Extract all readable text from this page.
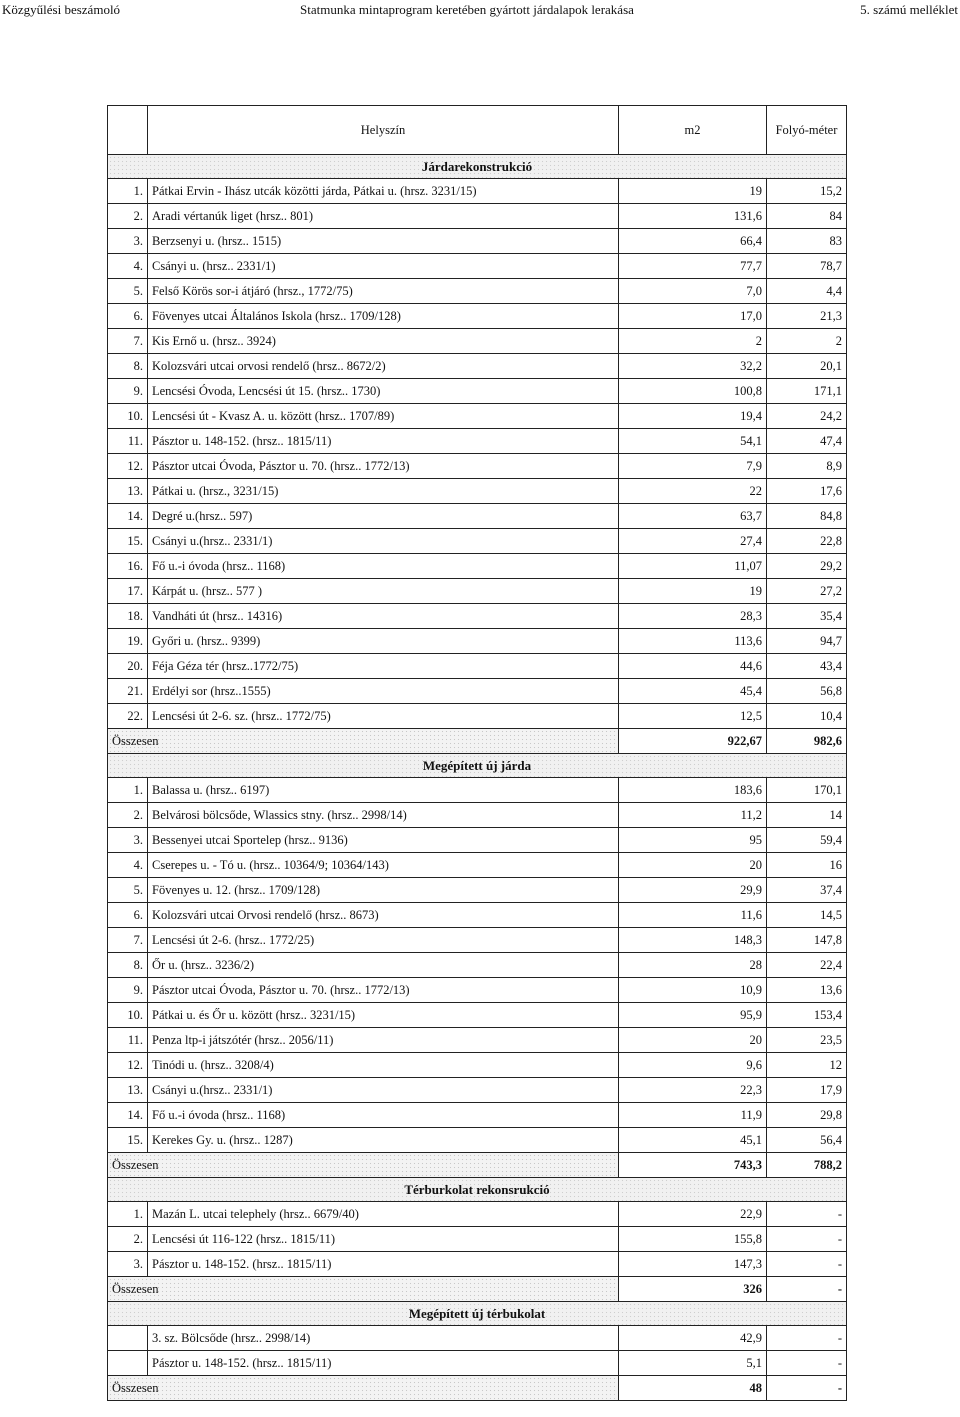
Közgyűlési beszámoló	Statmunka mintaprogram keretében gyártott járdalapok lerakása	5. számú melléklet
	Helyszín	m2	Folyó-méter
Járdarekonstrukció			
1.	Pátkai Ervin - Ihász utcák közötti járda, Pátkai u. (hrsz. 3231/15)	19	15,2
2.	Aradi vértanúk liget (hrsz.. 801)	131,6	84
3.	Berzsenyi u. (hrsz.. 1515)	66,4	83
4.	Csányi u. (hrsz.. 2331/1)	77,7	78,7
5.	Felső Körös sor-i átjáró (hrsz., 1772/75)	7,0	4,4
6.	Fövenyes utcai Általános Iskola (hrsz.. 1709/128)	17,0	21,3
7.	Kis Ernő u. (hrsz.. 3924)	2	2
8.	Kolozsvári utcai orvosi rendelő (hrsz.. 8672/2)	32,2	20,1
9.	Lencsési Óvoda, Lencsési út 15. (hrsz.. 1730)	100,8	171,1
10.	Lencsési út - Kvasz A. u. között (hrsz.. 1707/89)	19,4	24,2
11.	Pásztor u. 148-152. (hrsz.. 1815/11)	54,1	47,4
12.	Pásztor utcai Óvoda, Pásztor u. 70. (hrsz.. 1772/13)	7,9	8,9
13.	Pátkai u. (hrsz., 3231/15)	22	17,6
14.	Degré u.(hrsz.. 597)	63,7	84,8
15.	Csányi u.(hrsz.. 2331/1)	27,4	22,8
16.	Fő u.-i óvoda (hrsz.. 1168)	11,07	29,2
17.	Kárpát u. (hrsz.. 577 )	19	27,2
18.	Vandháti út (hrsz.. 14316)	28,3	35,4
19.	Győri u. (hrsz.. 9399)	113,6	94,7
20.	Féja Géza tér (hrsz..1772/75)	44,6	43,4
21.	Erdélyi sor (hrsz..1555)	45,4	56,8
22.	Lencsési út 2-6. sz. (hrsz.. 1772/75)	12,5	10,4
Összesen		922,67	982,6
Megépített új járda			
1.	Balassa u. (hrsz.. 6197)	183,6	170,1
2.	Belvárosi bölcsőde, Wlassics stny. (hrsz.. 2998/14)	11,2	14
3.	Bessenyei utcai Sportelep (hrsz.. 9136)	95	59,4
4.	Cserepes u. - Tó u. (hrsz.. 10364/9; 10364/143)	20	16
5.	Fövenyes u. 12. (hrsz.. 1709/128)	29,9	37,4
6.	Kolozsvári utcai Orvosi rendelő (hrsz.. 8673)	11,6	14,5
7.	Lencsési út 2-6. (hrsz.. 1772/25)	148,3	147,8
8.	Őr u. (hrsz.. 3236/2)	28	22,4
9.	Pásztor utcai Óvoda, Pásztor u. 70. (hrsz.. 1772/13)	10,9	13,6
10.	Pátkai u. és Őr u. között (hrsz.. 3231/15)	95,9	153,4
11.	Penza ltp-i játszótér (hrsz.. 2056/11)	20	23,5
12.	Tinódi u. (hrsz.. 3208/4)	9,6	12
13.	Csányi u.(hrsz.. 2331/1)	22,3	17,9
14.	Fő u.-i óvoda (hrsz.. 1168)	11,9	29,8
15.	Kerekes Gy. u. (hrsz.. 1287)	45,1	56,4
Összesen		743,3	788,2
Térburkolat rekonsrukció			
1.	Mazán L. utcai telephely (hrsz.. 6679/40)	22,9	-
2.	Lencsési út 116-122 (hrsz.. 1815/11)	155,8	-
3.	Pásztor u. 148-152. (hrsz.. 1815/11)	147,3	-
Összesen		326	-
Megépített új térbukolat			
	3. sz. Bölcsőde (hrsz.. 2998/14)	42,9	-
	Pásztor u. 148-152. (hrsz.. 1815/11)	5,1	-
Összesen		48	-
